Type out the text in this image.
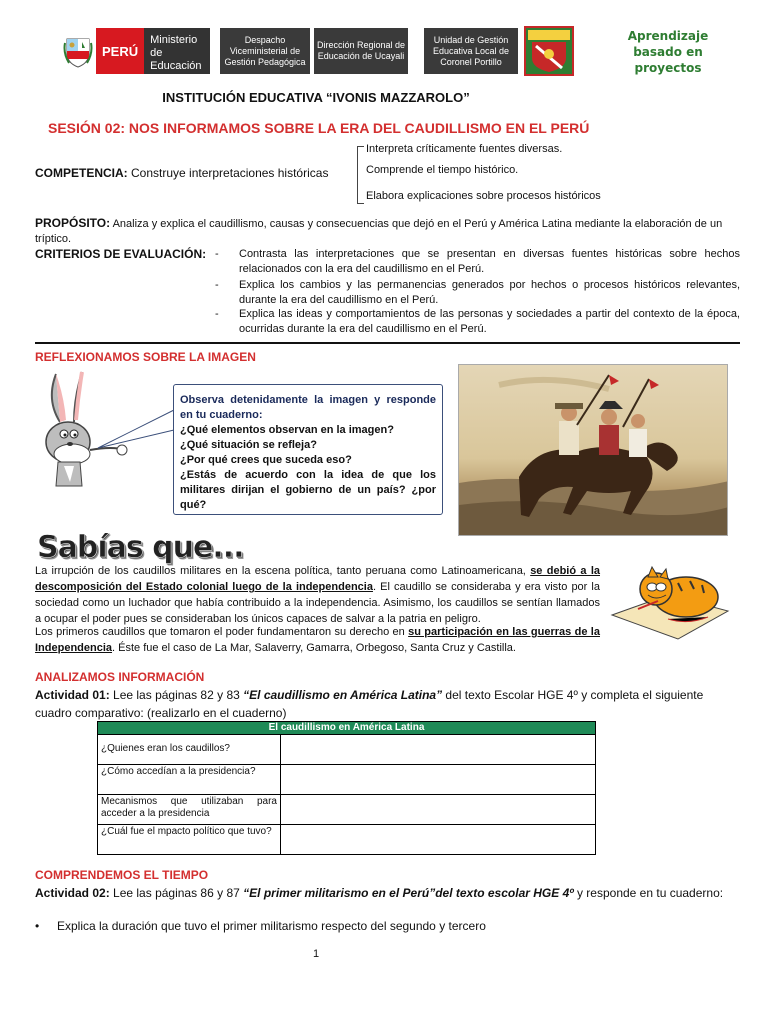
PERÚ
Ministerio de Educación
Despacho Viceministerial de Gestión Pedagógica
Dirección Regional de Educación de Ucayali
Unidad de Gestión Educativa Local de Coronel Portillo
Aprendizaje basado en proyectos
INSTITUCIÓN EDUCATIVA “IVONIS MAZZAROLO”
SESIÓN 02: NOS INFORMAMOS SOBRE LA ERA DEL CAUDILLISMO EN EL PERÚ
COMPETENCIA: Construye interpretaciones históricas
Interpreta críticamente fuentes diversas.
Comprende el tiempo histórico.
Elabora explicaciones sobre procesos históricos
PROPÓSITO: Analiza y explica el caudillismo, causas y consecuencias que dejó en el Perú y América Latina mediante la elaboración de un tríptico.
CRITERIOS DE EVALUACIÓN: - Contrasta las interpretaciones que se presentan en diversas fuentes históricas sobre hechos relacionados con la era del caudillismo en el Perú.
- Explica los cambios y las permanencias generados por hechos o procesos históricos relevantes, durante la era del caudillismo en el Perú.
- Explica las ideas y comportamientos de las personas y sociedades a partir del contexto de la época, ocurridas durante la era del caudillismo en el Perú.
REFLEXIONAMOS SOBRE LA IMAGEN
Observa detenidamente la imagen y responde en tu cuaderno:
¿Qué elementos observan en la imagen?
¿Qué situación se refleja?
¿Por qué crees que suceda eso?
¿Estás de acuerdo con la idea de que los militares dirijan el gobierno de un país? ¿por qué?
Sabías que...
La irrupción de los caudillos militares en la escena política, tanto peruana como Latinoamericana, se debió a la descomposición del Estado colonial luego de la independencia. El caudillo se consideraba y era visto por la sociedad como un luchador que había contribuido a la independencia. Asimismo, los caudillos se sentían llamados a ocupar el poder pues se consideraban los únicos capaces de salvar a la patria en peligro.
Los primeros caudillos que tomaron el poder fundamentaron su derecho en su participación en las guerras de la Independencia. Éste fue el caso de La Mar, Salaverry, Gamarra, Orbegoso, Santa Cruz y Castilla.
ANALIZAMOS INFORMACIÓN
Actividad 01: Lee las páginas 82 y 83 “El caudillismo en América Latina” del texto Escolar HGE 4º y completa el siguiente cuadro comparativo: (realizarlo en el cuaderno)
El caudillismo en América Latina	
¿Quienes eran los caudillos?	
¿Cómo accedían a la presidencia?	
Mecanismos que utilizaban para acceder a la presidencia	
¿Cuál fue el mpacto político que tuvo?	
COMPRENDEMOS EL TIEMPO
Actividad 02: Lee las páginas 86 y 87 “El primer militarismo en el Perú”del texto escolar HGE 4º y responde en tu cuaderno:
• Explica la duración que tuvo el primer militarismo respecto del segundo y tercero
1
